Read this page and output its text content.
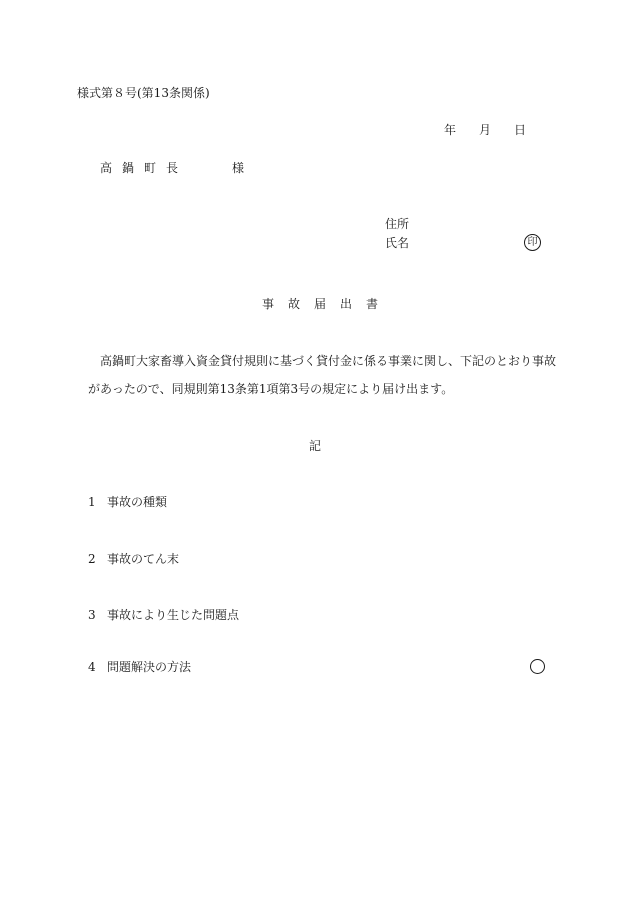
様式第８号(第13条関係)
年 月 日
高鍋町長	様
住所
氏名	印
事故届出書
高鍋町大家畜導入資金貸付規則に基づく貸付金に係る事業に関し、下記のとおり事故
があったので、同規則第13条第1項第3号の規定により届け出ます。
記
1 事故の種類
2 事故のてん末
3 事故により生じた問題点
4 問題解決の方法
